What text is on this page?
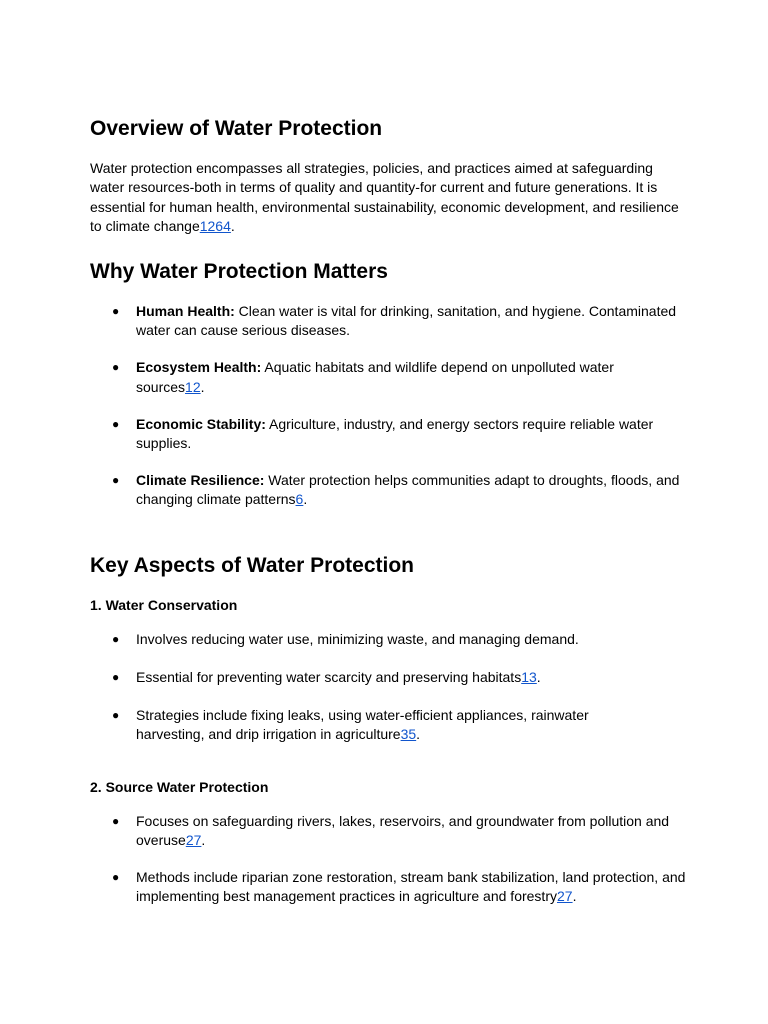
Overview of Water Protection

Water protection encompasses all strategies, policies, and practices aimed at safeguarding water resources-both in terms of quality and quantity-for current and future generations. It is essential for human health, environmental sustainability, economic development, and resilience to climate change1264.

Why Water Protection Matters
● Human Health: Clean water is vital for drinking, sanitation, and hygiene. Contaminated water can cause serious diseases.
● Ecosystem Health: Aquatic habitats and wildlife depend on unpolluted water sources12.
● Economic Stability: Agriculture, industry, and energy sectors require reliable water supplies.
● Climate Resilience: Water protection helps communities adapt to droughts, floods, and changing climate patterns6.
Key Aspects of Water Protection
1. Water Conservation
● Involves reducing water use, minimizing waste, and managing demand.
● Essential for preventing water scarcity and preserving habitats13.
● Strategies include fixing leaks, using water-efficient appliances, rainwater harvesting, and drip irrigation in agriculture35.
2. Source Water Protection
● Focuses on safeguarding rivers, lakes, reservoirs, and groundwater from pollution and overuse27.
● Methods include riparian zone restoration, stream bank stabilization, land protection, and implementing best management practices in agriculture and forestry27.
